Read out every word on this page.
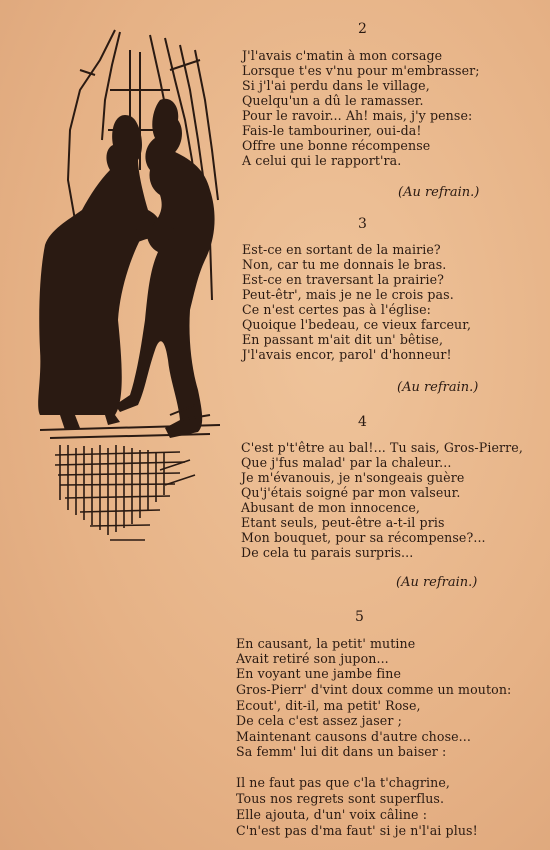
2
J'l'avais c'matin à mon corsage
Lorsque t'es v'nu pour m'embrasser;
Si j'l'ai perdu dans le village,
Quelqu'un a dû le ramasser.
Pour le ravoir... Ah! mais, j'y pense:
Fais-le tambouriner, oui-da!
Offre une bonne récompense
A celui qui le rapport'ra.
(Au refrain.)
3
Est-ce en sortant de la mairie?
Non, car tu me donnais le bras.
Est-ce en traversant la prairie?
Peut-êtr', mais je ne le crois pas.
Ce n'est certes pas à l'église:
Quoique l'bedeau, ce vieux farceur,
En passant m'ait dit un' bêtise,
J'l'avais encor, parol' d'honneur!
(Au refrain.)
4
C'est p't'être au bal!... Tu sais, Gros-Pierre,
Que j'fus malad' par la chaleur...
Je m'évanouis, je n'songeais guère
Qu'j'étais soigné par mon valseur.
Abusant de mon innocence,
Etant seuls, peut-être a-t-il pris
Mon bouquet, pour sa récompense?...
De cela tu parais surpris...
(Au refrain.)
5
En causant, la petit' mutine
Avait retiré son jupon...
En voyant une jambe fine
Gros-Pierr' d'vint doux comme un mouton:
Ecout', dit-il, ma petit' Rose,
De cela c'est assez jaser ;
Maintenant causons d'autre chose...
Sa femm' lui dit dans un baiser :
Il ne faut pas que c'la t'chagrine,
Tous nos regrets sont superflus.
Elle ajouta, d'un' voix câline :
C'n'est pas d'ma faut' si je n'l'ai plus!
